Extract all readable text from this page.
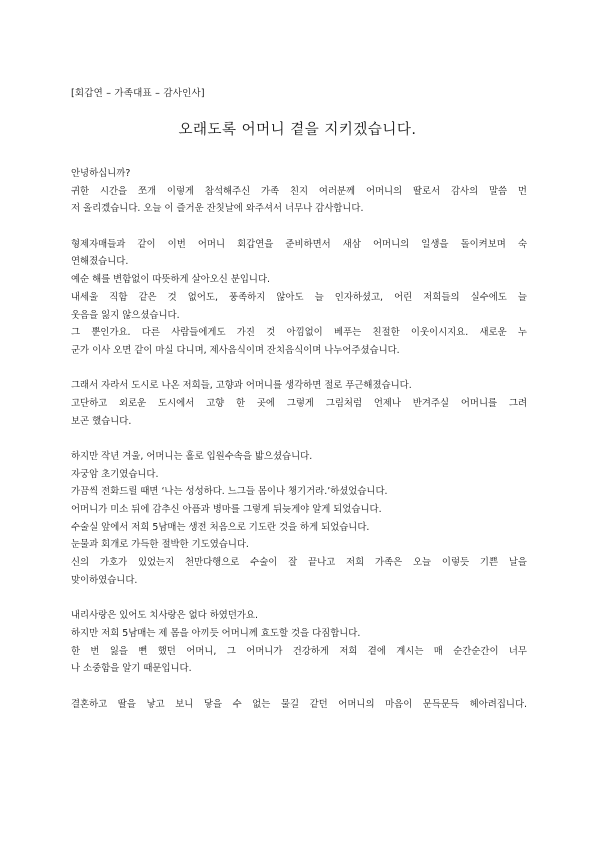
[회갑연 – 가족대표 – 감사인사]
오래도록 어머니 곁을 지키겠습니다.
안녕하십니까?
귀한 시간을 쪼개 이렇게 참석해주신 가족 친지 여러분께 어머니의 딸로서 감사의 말씀 먼
저 올리겠습니다. 오늘 이 즐거운 잔칫날에 와주셔서 너무나 감사합니다.
형제자매들과 같이 이번 어머니 회갑연을 준비하면서 새삼 어머니의 일생을 돌이켜보며 숙
연해졌습니다.
예순 해를 변함없이 따뜻하게 살아오신 분입니다.
내세울 직함 같은 것 없어도, 풍족하지 않아도 늘 인자하셨고, 어린 저희들의 실수에도 늘
웃음을 잃지 않으셨습니다.
그 뿐인가요. 다른 사람들에게도 가진 것 아낌없이 베푸는 친절한 이웃이시지요. 새로운 누
군가 이사 오면 같이 마실 다니며, 제사음식이며 잔치음식이며 나누어주셨습니다.
그래서 자라서 도시로 나온 저희들, 고향과 어머니를 생각하면 절로 푸근해졌습니다.
고단하고 외로운 도시에서 고향 한 곳에 그렇게 그림처럼 언제나 반겨주실 어머니를 그려
보곤 했습니다.
하지만 작년 겨울, 어머니는 홀로 입원수속을 밟으셨습니다.
자궁암 초기였습니다.
가끔씩 전화드릴 때면 ‘나는 성성하다. 느그들 몸이나 챙기거라.’하셨었습니다.
어머니가 미소 뒤에 감추신 아픔과 병마를 그렇게 뒤늦게야 알게 되었습니다.
수술실 앞에서 저희 5남매는 생전 처음으로 기도란 것을 하게 되었습니다.
눈물과 회개로 가득한 절박한 기도였습니다.
신의 가호가 있었는지 천만다행으로 수술이 잘 끝나고 저희 가족은 오늘 이렇듯 기쁜 날을
맞이하였습니다.
내리사랑은 있어도 치사랑은 없다 하였던가요.
하지만 저희 5남매는 제 몸을 아끼듯 어머니께 효도할 것을 다짐합니다.
한 번 잃을 뻔 했던 어머니, 그 어머니가 건강하게 저희 곁에 계시는 매 순간순간이 너무
나 소중함을 알기 때문입니다.
결혼하고 딸을 낳고 보니 닿을 수 없는 물길 같던 어머니의 마음이 문득문득 헤아려집니다.
